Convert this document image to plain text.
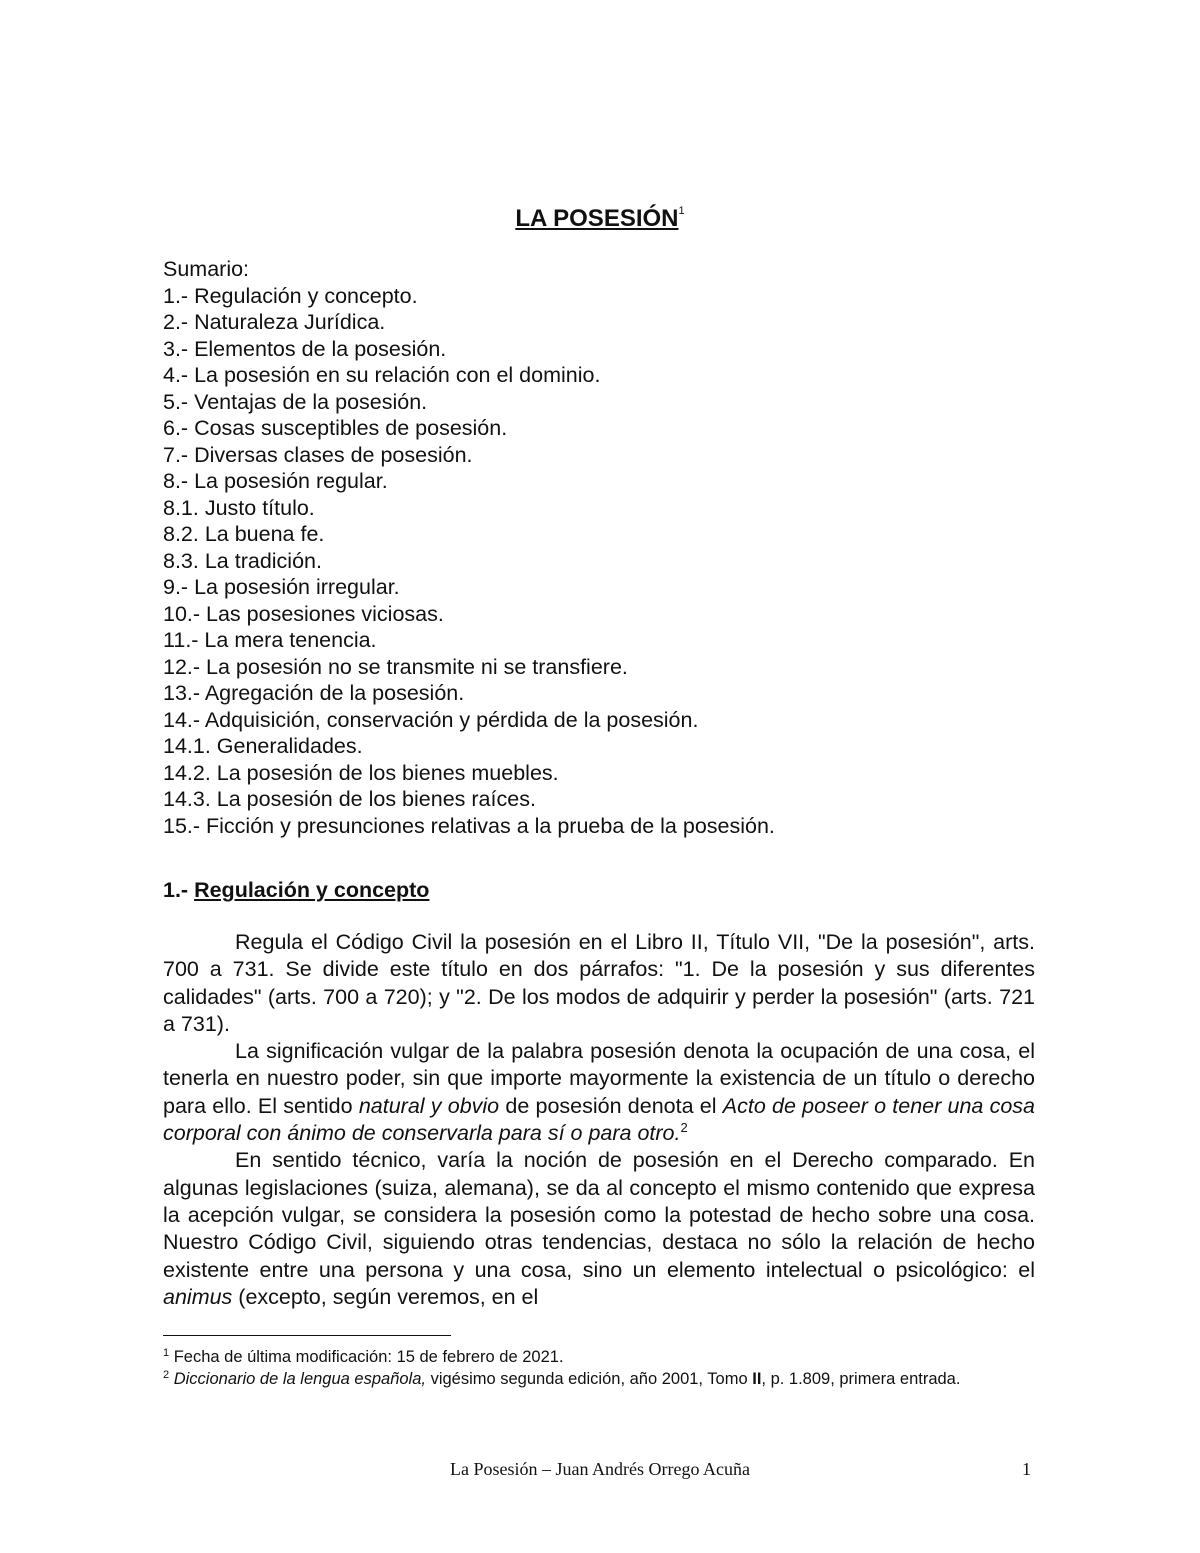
LA POSESIÓN$^1$
Sumario:
1.- Regulación y concepto.
2.- Naturaleza Jurídica.
3.- Elementos de la posesión.
4.- La posesión en su relación con el dominio.
5.- Ventajas de la posesión.
6.- Cosas susceptibles de posesión.
7.- Diversas clases de posesión.
8.- La posesión regular.
8.1. Justo título.
8.2. La buena fe.
8.3. La tradición.
9.- La posesión irregular.
10.- Las posesiones viciosas.
11.- La mera tenencia.
12.- La posesión no se transmite ni se transfiere.
13.- Agregación de la posesión.
14.- Adquisición, conservación y pérdida de la posesión.
14.1. Generalidades.
14.2. La posesión de los bienes muebles.
14.3. La posesión de los bienes raíces.
15.- Ficción y presunciones relativas a la prueba de la posesión.
1.- Regulación y concepto

Regula el Código Civil la posesión en el Libro II, Título VII, "De la posesión", arts. 700 a 731. Se divide este título en dos párrafos: "1. De la posesión y sus diferentes calidades" (arts. 700 a 720); y "2. De los modos de adquirir y perder la posesión" (arts. 721 a 731).

La significación vulgar de la palabra posesión denota la ocupación de una cosa, el tenerla en nuestro poder, sin que importe mayormente la existencia de un título o derecho para ello. El sentido natural y obvio de posesión denota el Acto de poseer o tener una cosa corporal con ánimo de conservarla para sí o para otro.$^2$

En sentido técnico, varía la noción de posesión en el Derecho comparado. En algunas legislaciones (suiza, alemana), se da al concepto el mismo contenido que expresa la acepción vulgar, se considera la posesión como la potestad de hecho sobre una cosa. Nuestro Código Civil, siguiendo otras tendencias, destaca no sólo la relación de hecho existente entre una persona y una cosa, sino un elemento intelectual o psicológico: el animus (excepto, según veremos, en el

$^1$ Fecha de última modificación: 15 de febrero de 2021.

$^2$ Diccionario de la lengua española, vigésimo segunda edición, año 2001, Tomo II, p. 1.809, primera entrada.

La Posesión – Juan Andrés Orrego Acuña	1
